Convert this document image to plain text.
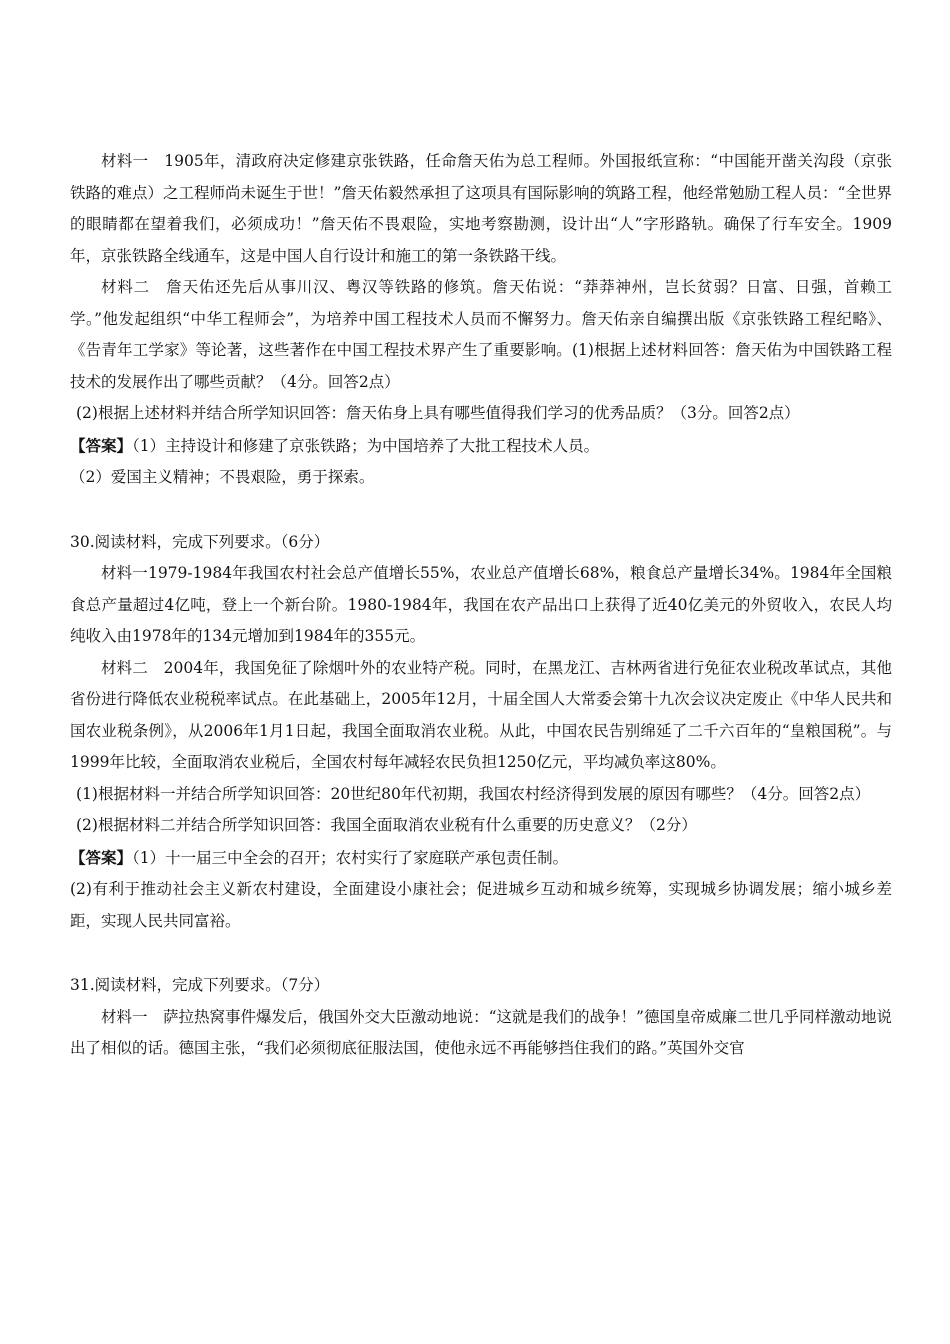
材料一　1905年，清政府决定修建京张铁路，任命詹天佑为总工程师。外国报纸宣称：“中国能开凿关沟段（京张铁路的难点）之工程师尚未诞生于世！”詹天佑毅然承担了这项具有国际影响的筑路工程，他经常勉励工程人员：“全世界的眼睛都在望着我们，必须成功！”詹天佑不畏艰险，实地考察勘测，设计出“人”字形路轨。确保了行车安全。1909年，京张铁路全线通车，这是中国人自行设计和施工的第一条铁路干线。

材料二　詹天佑还先后从事川汉、粤汉等铁路的修筑。詹天佑说：“莽莽神州，岂长贫弱？日富、日强，首赖工学。”他发起组织“中华工程师会”，为培养中国工程技术人员而不懈努力。詹天佑亲自编撰出版《京张铁路工程纪略》、《告青年工学家》等论著，这些著作在中国工程技术界产生了重要影响。(1)根据上述材料回答：詹天佑为中国铁路工程技术的发展作出了哪些贡献？（4分。回答2点）

(2)根据上述材料并结合所学知识回答：詹天佑身上具有哪些值得我们学习的优秀品质？（3分。回答2点）

【答案】（1）主持设计和修建了京张铁路；为中国培养了大批工程技术人员。

（2）爱国主义精神；不畏艰险，勇于探索。

30.阅读材料，完成下列要求。（6分）

材料一1979-1984年我国农村社会总产值增长55%，农业总产值增长68%，粮食总产量增长34%。1984年全国粮食总产量超过4亿吨，登上一个新台阶。1980-1984年，我国在农产品出口上获得了近40亿美元的外贸收入，农民人均纯收入由1978年的134元增加到1984年的355元。

材料二　2004年，我国免征了除烟叶外的农业特产税。同时，在黑龙江、吉林两省进行免征农业税改革试点，其他省份进行降低农业税税率试点。在此基础上，2005年12月，十届全国人大常委会第十九次会议决定废止《中华人民共和国农业税条例》，从2006年1月1日起，我国全面取消农业税。从此，中国农民告别绵延了二千六百年的“皇粮国税”。与1999年比较，全面取消农业税后，全国农村每年减轻农民负担1250亿元，平均减负率这80%。

(1)根据材料一并结合所学知识回答：20世纪80年代初期，我国农村经济得到发展的原因有哪些？（4分。回答2点）

(2)根据材料二并结合所学知识回答：我国全面取消农业税有什么重要的历史意义？（2分）

【答案】（1）十一届三中全会的召开；农村实行了家庭联产承包责任制。

(2)有利于推动社会主义新农村建设，全面建设小康社会；促进城乡互动和城乡统筹，实现城乡协调发展；缩小城乡差距，实现人民共同富裕。

31.阅读材料，完成下列要求。（7分）

材料一　萨拉热窝事件爆发后，俄国外交大臣激动地说：“这就是我们的战争！”德国皇帝威廉二世几乎同样激动地说出了相似的话。德国主张，“我们必须彻底征服法国，使他永远不再能够挡住我们的路。”英国外交官
